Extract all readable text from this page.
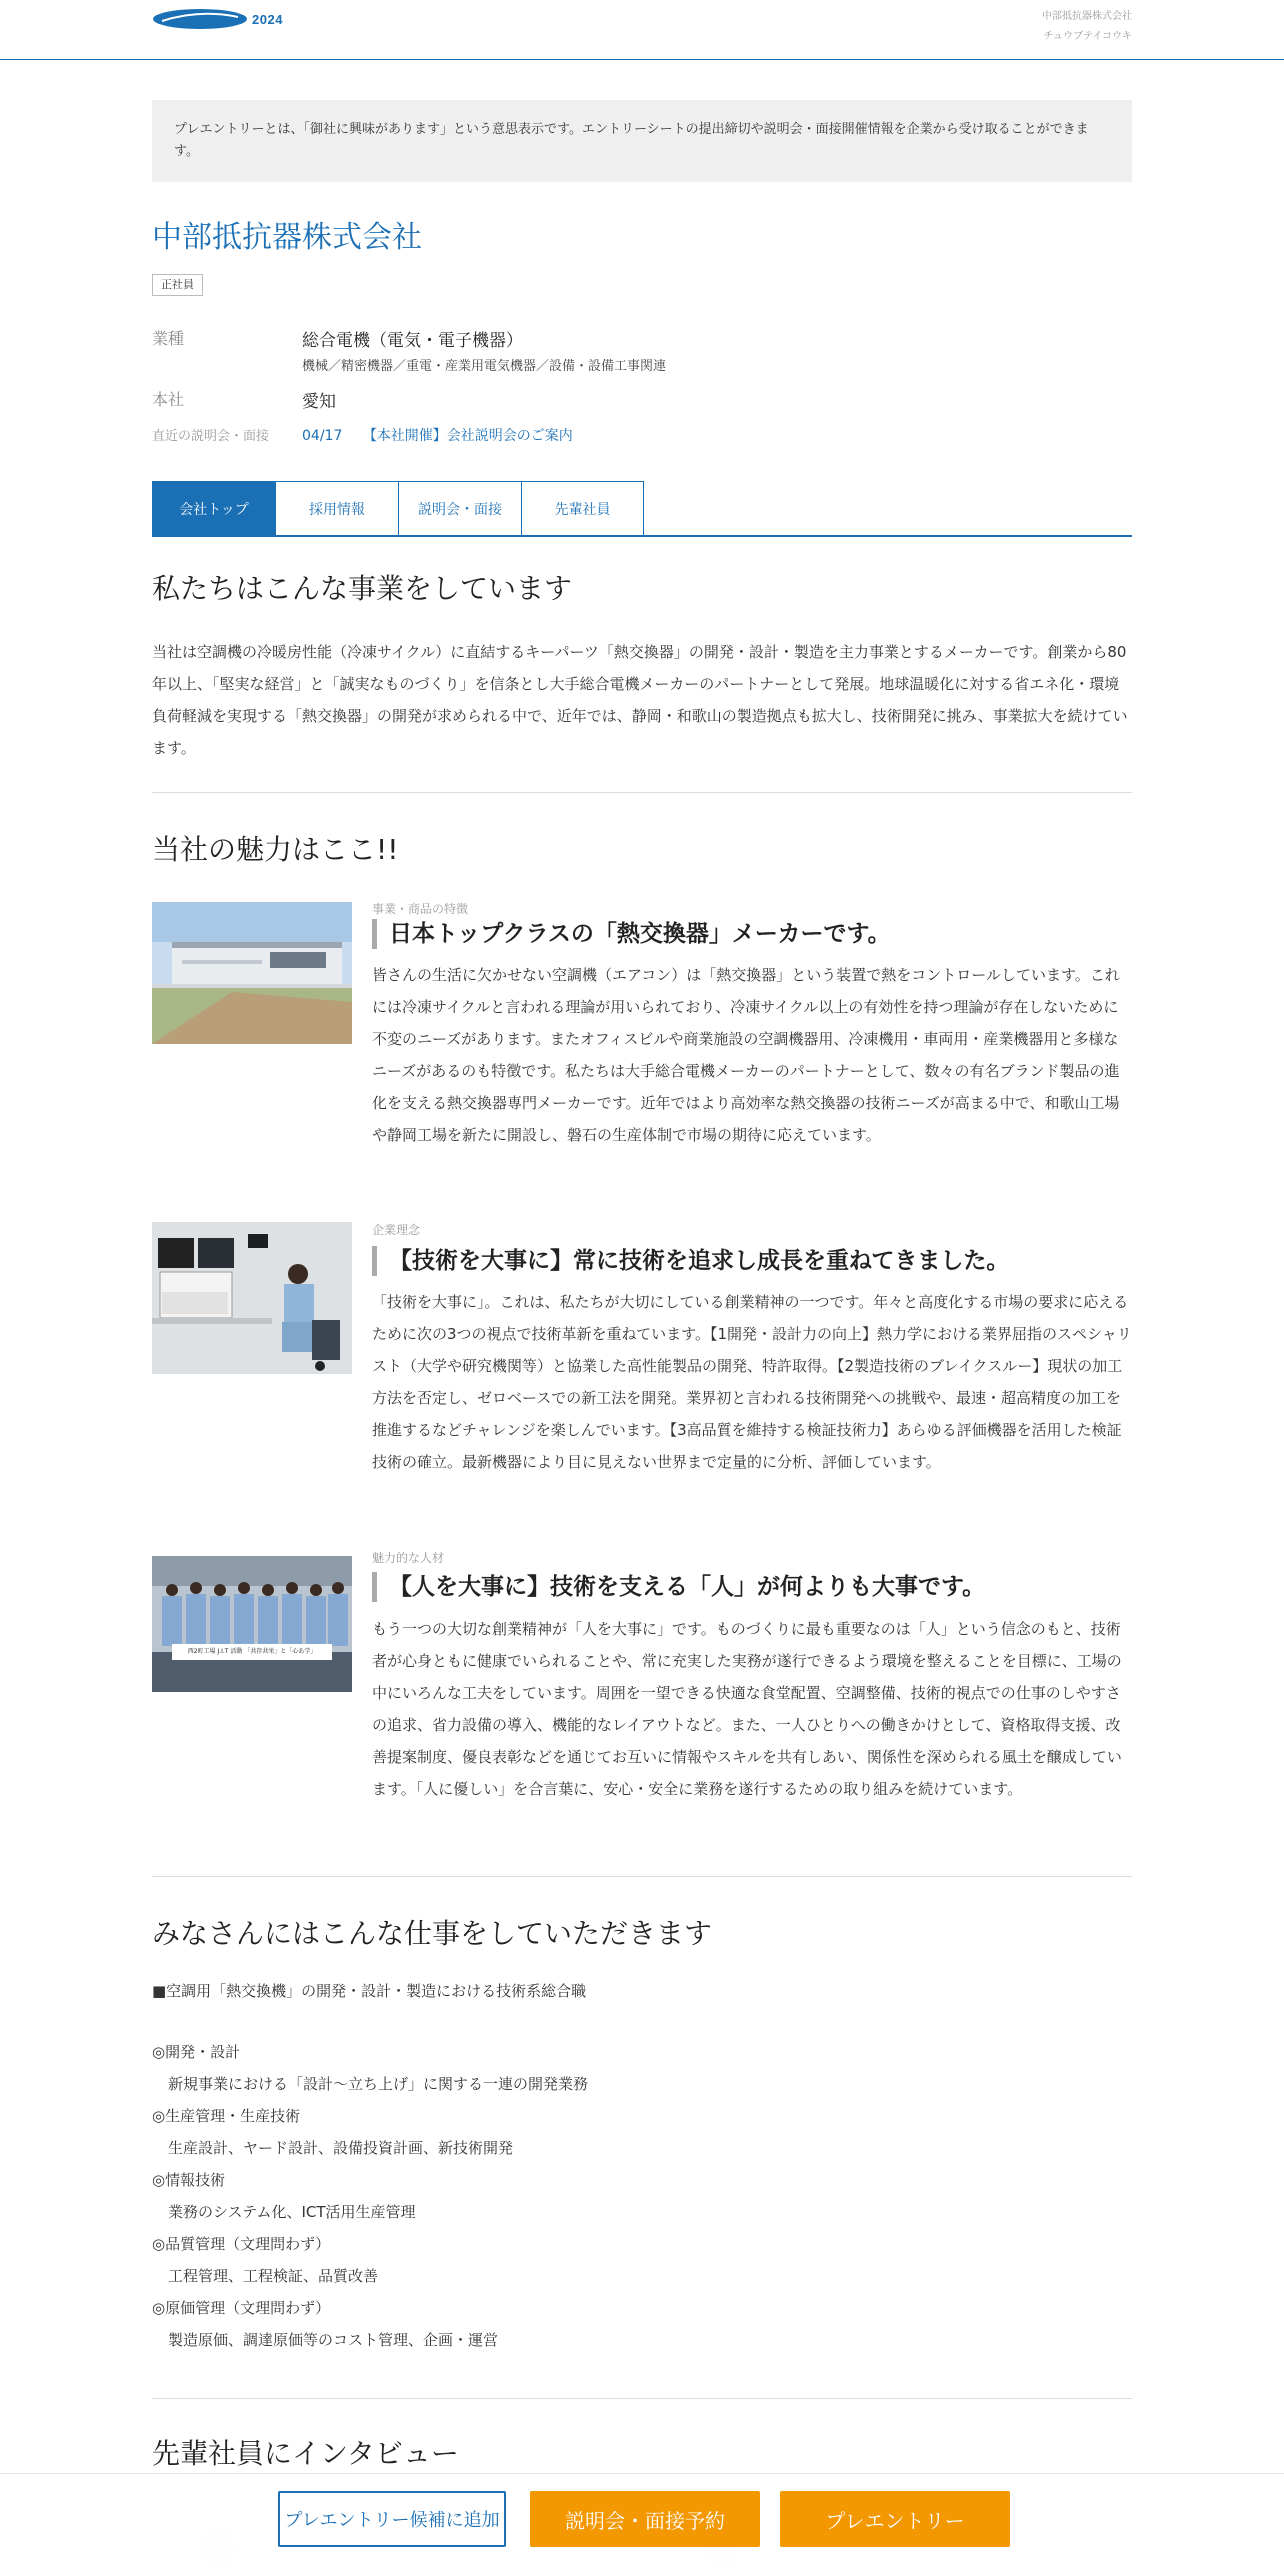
2024	中部抵抗器株式会社
チュウブテイコウキ
プレエントリーとは、「御社に興味があります」という意思表示です。エントリーシートの提出締切や説明会・面接開催情報を企業から受け取ることができます。
中部抵抗器株式会社
正社員
業種	総合電機（電気・電子機器）
機械／精密機器／重電・産業用電気機器／設備・設備工事関連
本社	愛知
直近の説明会・面接 04/17 【本社開催】会社説明会のご案内
会社トップ	採用情報	説明会・面接	先輩社員
私たちはこんな事業をしています

当社は空調機の冷暖房性能（冷凍サイクル）に直結するキーパーツ「熱交換器」の開発・設計・製造を主力事業とするメーカーです。創業から80年以上、「堅実な経営」と「誠実なものづくり」を信条とし大手総合電機メーカーのパートナーとして発展。地球温暖化に対する省エネ化・環境負荷軽減を実現する「熱交換器」の開発が求められる中で、近年では、静岡・和歌山の製造拠点も拡大し、技術開発に挑み、事業拡大を続けています。

当社の魅力はここ!!
事業・商品の特徴
日本トップクラスの「熱交換器」メーカーです。

皆さんの生活に欠かせない空調機（エアコン）は「熱交換器」という装置で熱をコントロールしています。これには冷凍サイクルと言われる理論が用いられており、冷凍サイクル以上の有効性を持つ理論が存在しないために不変のニーズがあります。またオフィスビルや商業施設の空調機器用、冷凍機用・車両用・産業機器用と多様なニーズがあるのも特徴です。私たちは大手総合電機メーカーのパートナーとして、数々の有名ブランド製品の進化を支える熱交換器専門メーカーです。近年ではより高効率な熱交換器の技術ニーズが高まる中で、和歌山工場や静岡工場を新たに開設し、磐石の生産体制で市場の期待に応えています。

企業理念
【技術を大事に】常に技術を追求し成長を重ねてきました。

「技術を大事に」。これは、私たちが大切にしている創業精神の一つです。年々と高度化する市場の要求に応えるために次の3つの視点で技術革新を重ねています。【1開発・設計力の向上】熱力学における業界屈指のスペシャリスト（大学や研究機関等）と協業した高性能製品の開発、特許取得。【2製造技術のブレイクスルー】現状の加工方法を否定し、ゼロベースでの新工法を開発。業界初と言われる技術開発への挑戦や、最速・超高精度の加工を推進するなどチャレンジを楽しんでいます。【3高品質を維持する検証技術力】あらゆる評価機器を活用した検証技術の確立。最新機器により目に見えない世界まで定量的に分析、評価しています。

西2町工場 J.I.T 活動 「共存共栄」と「心あ学」
魅力的な人材
【人を大事に】技術を支える「人」が何よりも大事です。

もう一つの大切な創業精神が「人を大事に」です。ものづくりに最も重要なのは「人」という信念のもと、技術者が心身ともに健康でいられることや、常に充実した実務が遂行できるよう環境を整えることを目標に、工場の中にいろんな工夫をしています。周囲を一望できる快適な食堂配置、空調整備、技術的視点での仕事のしやすさの追求、省力設備の導入、機能的なレイアウトなど。また、一人ひとりへの働きかけとして、資格取得支援、改善提案制度、優良表彰などを通じてお互いに情報やスキルを共有しあい、関係性を深められる風土を醸成しています。「人に優しい」を合言葉に、安心・安全に業務を遂行するための取り組みを続けています。

みなさんにはこんな仕事をしていただきます
■空調用「熱交換機」の開発・設計・製造における技術系総合職
◎開発・設計
新規事業における「設計～立ち上げ」に関する一連の開発業務
◎生産管理・生産技術
生産設計、ヤード設計、設備投資計画、新技術開発
◎情報技術
業務のシステム化、ICT活用生産管理
◎品質管理（文理問わず）
工程管理、工程検証、品質改善
◎原価管理（文理問わず）
製造原価、調達原価等のコスト管理、企画・運営
先輩社員にインタビュー
プレエントリー候補に追加	説明会・面接予約	プレエントリー
